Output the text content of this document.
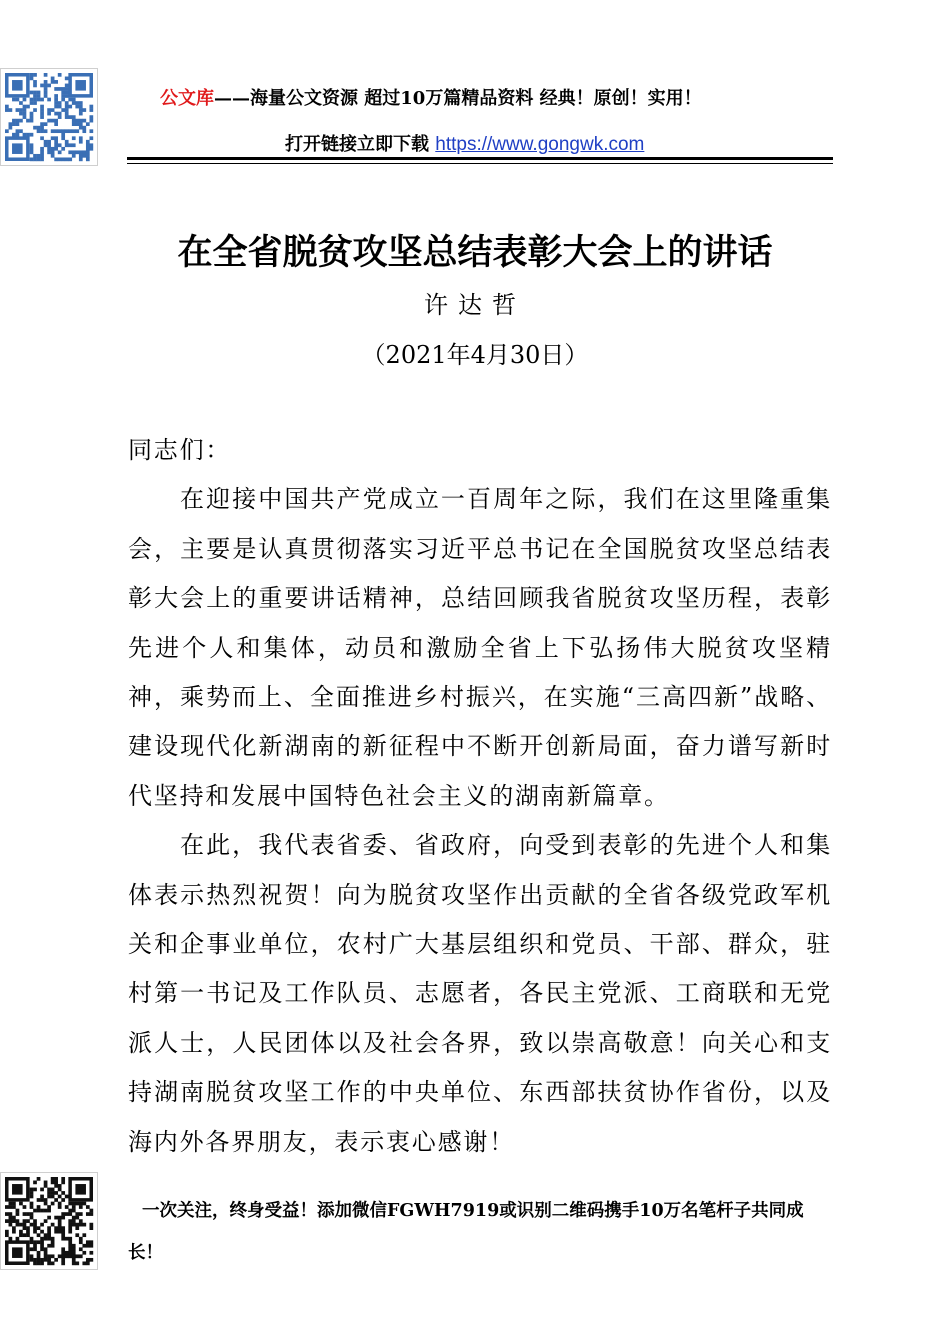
公文库——海量公文资源 超过10万篇精品资料 经典！原创！实用！
打开链接立即下载 https://www.gongwk.com
在全省脱贫攻坚总结表彰大会上的讲话
许达哲
（2021年4月30日）

同志们：

在迎接中国共产党成立一百周年之际，我们在这里隆重集会，主要是认真贯彻落实习近平总书记在全国脱贫攻坚总结表彰大会上的重要讲话精神，总结回顾我省脱贫攻坚历程，表彰先进个人和集体，动员和激励全省上下弘扬伟大脱贫攻坚精神，乘势而上、全面推进乡村振兴，在实施“三高四新”战略、建设现代化新湖南的新征程中不断开创新局面，奋力谱写新时代坚持和发展中国特色社会主义的湖南新篇章。

在此，我代表省委、省政府，向受到表彰的先进个人和集体表示热烈祝贺！向为脱贫攻坚作出贡献的全省各级党政军机关和企事业单位，农村广大基层组织和党员、干部、群众，驻村第一书记及工作队员、志愿者，各民主党派、工商联和无党派人士，人民团体以及社会各界，致以崇高敬意！向关心和支持湖南脱贫攻坚工作的中央单位、东西部扶贫协作省份，以及海内外各界朋友，表示衷心感谢！

一次关注，终身受益！添加微信FGWH7919或识别二维码携手10万名笔杆子共同成长！
